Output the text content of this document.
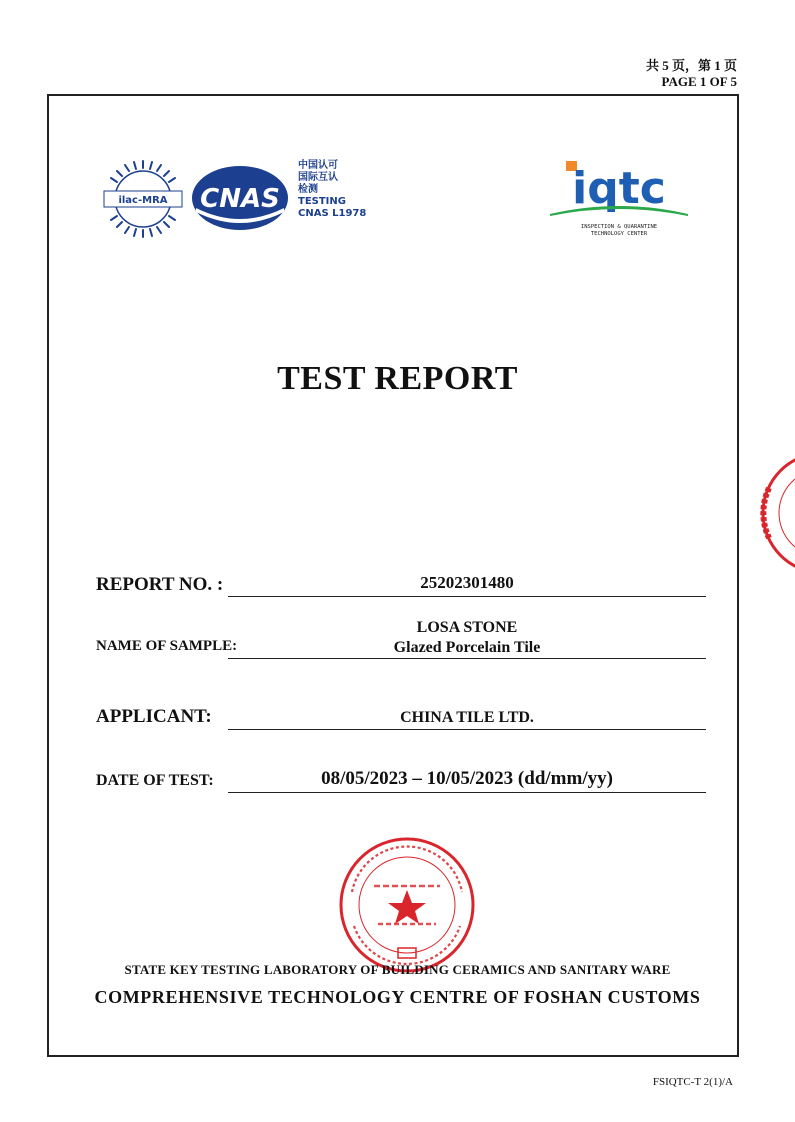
共 5 页，第 1 页
PAGE 1 OF 5
ilac-MRA CNAS
中国认可
国际互认
检测
TESTING
CNAS L1978	iqtc
INSPECTION & QUARANTINE
TECHNOLOGY CENTER
TEST REPORT
REPORT NO. :	25202301480
NAME OF SAMPLE:
LOSA STONE
Glazed Porcelain Tile
APPLICANT:	CHINA TILE LTD.
DATE OF TEST:	08/05/2023 – 10/05/2023 (dd/mm/yy)
STATE KEY TESTING LABORATORY OF BUILDING CERAMICS AND SANITARY WARE
COMPREHENSIVE TECHNOLOGY CENTRE OF FOSHAN CUSTOMS
FSIQTC-T 2(1)/A
